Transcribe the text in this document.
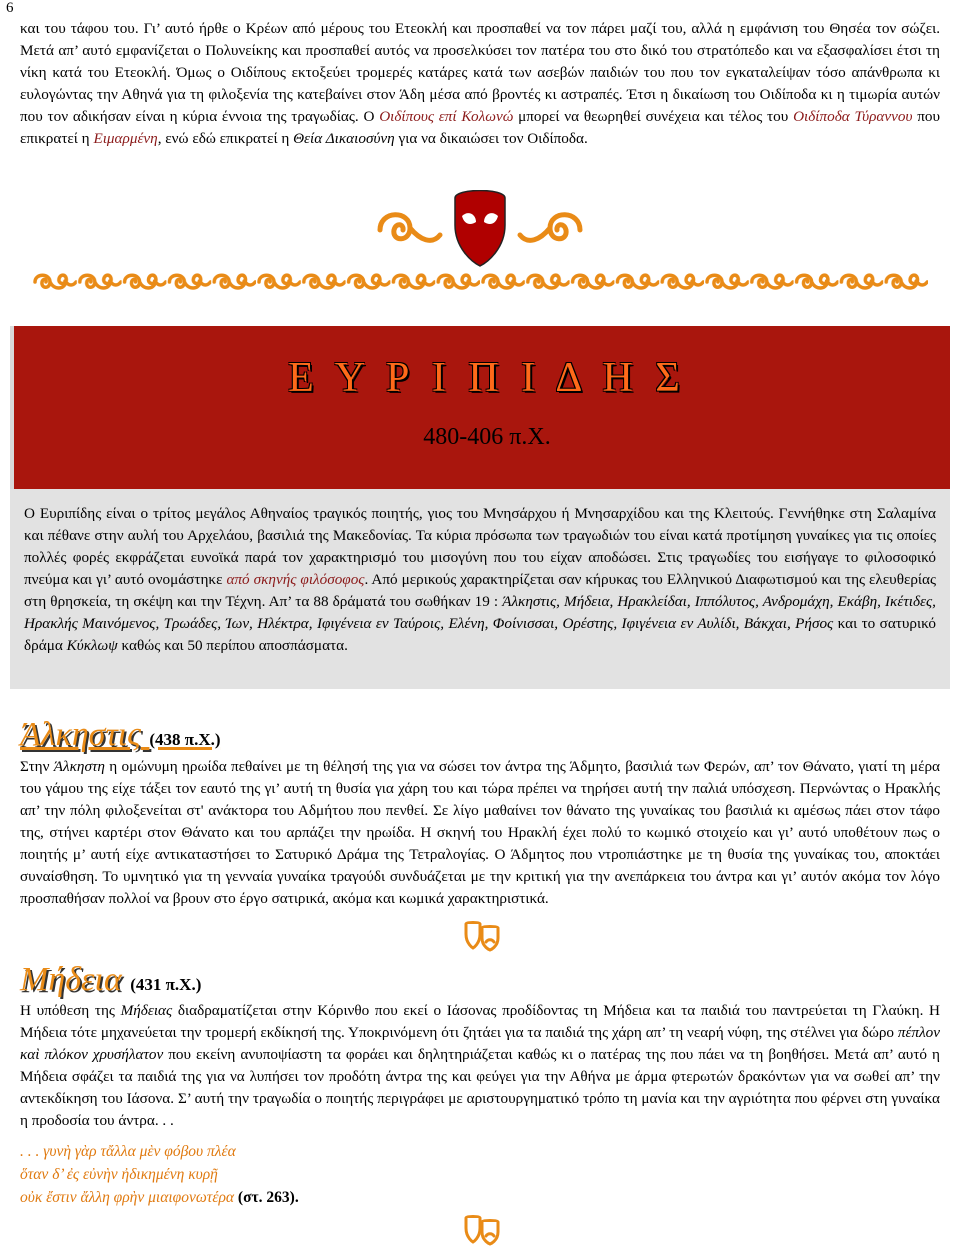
6

και του τάφου του. Γι’ αυτό ήρθε ο Κρέων από μέρους του Ετεοκλή και προσπαθεί να τον πάρει μαζί του, αλλά η εμφάνιση του Θησέα τον σώζει. Μετά απ’ αυτό εμφανίζεται ο Πολυνείκης και προσπαθεί αυτός να προσελκύσει τον πατέρα του στο δικό του στρατόπεδο και να εξασφαλίσει έτσι τη νίκη κατά του Ετεοκλή. Όμως ο Οιδίπους εκτοξεύει τρομερές κατάρες κατά των ασεβών παιδιών του που τον εγκαταλείψαν τόσο απάνθρωπα κι ευλογώντας την Αθηνά για τη φιλοξενία της κατεβαίνει στον Άδη μέσα από βροντές κι αστραπές. Έτσι η δικαίωση του Οιδίποδα κι η τιμωρία αυτών που τον αδικήσαν είναι η κύρια έννοια της τραγωδίας. Ο Οιδίπους επί Κολωνώ μπορεί να θεωρηθεί συνέχεια και τέλος του Οιδίποδα Τύραννου που επικρατεί η Ειμαρμένη, ενώ εδώ επικρατεί η Θεία Δικαιοσύνη για να δικαιώσει τον Οιδίποδα.

Ε Υ Ρ Ι Π Ι Δ Η Σ
480-406 π.Χ.

Ο Ευριπίδης είναι ο τρίτος μεγάλος Αθηναίος τραγικός ποιητής, γιος του Μνησάρχου ή Μνησαρχίδου και της Κλειτούς. Γεννήθηκε στη Σαλαμίνα και πέθανε στην αυλή του Αρχελάου, βασιλιά της Μακεδονίας. Τα κύρια πρόσωπα των τραγωδιών του είναι κατά προτίμηση γυναίκες για τις οποίες πολλές φορές εκφράζεται ευνοϊκά παρά τον χαρακτηρισμό του μισογύνη που του είχαν αποδώσει. Στις τραγωδίες του εισήγαγε το φιλοσοφικό πνεύμα και γι’ αυτό ονομάστηκε από σκηνής φιλόσοφος. Από μερικούς χαρακτηρίζεται σαν κήρυκας του Ελληνικού Διαφωτισμού και της ελευθερίας στη θρησκεία, τη σκέψη και την Τέχνη. Απ’ τα 88 δράματά του σωθήκαν 19 : Άλκηστις, Μήδεια, Ηρακλείδαι, Ιππόλυτος, Ανδρομάχη, Εκάβη, Ικέτιδες, Ηρακλής Μαινόμενος, Τρωάδες, Ίων, Ηλέκτρα, Ιφιγένεια εν Ταύροις, Ελένη, Φοίνισσαι, Ορέστης, Ιφιγένεια εν Αυλίδι, Βάκχαι, Ρήσος και το σατυρικό δράμα Κύκλωψ καθώς και 50 περίπου αποσπάσματα.

Άλκηστις (438 π.Χ.)

Στην Άλκηστη η ομώνυμη ηρωίδα πεθαίνει με τη θέλησή της για να σώσει τον άντρα της Άδμητο, βασιλιά των Φερών, απ’ τον Θάνατο, γιατί τη μέρα του γάμου της είχε τάξει τον εαυτό της γι’ αυτή τη θυσία για χάρη του και τώρα πρέπει να τηρήσει αυτή την παλιά υπόσχεση. Περνώντας ο Ηρακλής απ’ την πόλη φιλοξενείται στ' ανάκτορα του Αδμήτου που πενθεί. Σε λίγο μαθαίνει τον θάνατο της γυναίκας του βασιλιά κι αμέσως πάει στον τάφο της, στήνει καρτέρι στον Θάνατο και του αρπάζει την ηρωίδα. Η σκηνή του Ηρακλή έχει πολύ το κωμικό στοιχείο και γι’ αυτό υποθέτουν πως ο ποιητής μ’ αυτή είχε αντικαταστήσει το Σατυρικό Δράμα της Τετραλογίας. Ο Άδμητος που ντροπιάστηκε με τη θυσία της γυναίκας του, αποκτάει συναίσθηση. Το υμνητικό για τη γενναία γυναίκα τραγούδι συνδυάζεται με την κριτική για την ανεπάρκεια του άντρα και γι’ αυτόν ακόμα τον λόγο προσπαθήσαν πολλοί να βρουν στο έργο σατιρικά, ακόμα και κωμικά χαρακτηριστικά.

Μήδεια (431 π.Χ.)

Η υπόθεση της Μήδειας διαδραματίζεται στην Κόρινθο που εκεί ο Ιάσονας προδίδοντας τη Μήδεια και τα παιδιά του παντρεύεται τη Γλαύκη. Η Μήδεια τότε μηχανεύεται την τρομερή εκδίκησή της. Υποκρινόμενη ότι ζητάει για τα παιδιά της χάρη απ’ τη νεαρή νύφη, της στέλνει για δώρο πέπλον καὶ πλόκον χρυσήλατον που εκείνη ανυποψίαστη τα φοράει και δηλητηριάζεται καθώς κι ο πατέρας της που πάει να τη βοηθήσει. Μετά απ’ αυτό η Μήδεια σφάζει τα παιδιά της για να λυπήσει τον προδότη άντρα της και φεύγει για την Αθήνα με άρμα φτερωτών δρακόντων για να σωθεί απ’ την αντεκδίκηση του Ιάσονα. Σ’ αυτή την τραγωδία ο ποιητής περιγράφει με αριστουργηματικό τρόπο τη μανία και την αγριότητα που φέρνει στη γυναίκα η προδοσία του άντρα. . .

. . . γυνὴ γὰρ τἄλλα μὲν φόβου πλέα
ὅταν δ’ ἐς εὐνὴν ἠδικημένη κυρῇ
οὐκ ἔστιν ἄλλη φρὴν μιαιφονωτέρα (στ. 263).
